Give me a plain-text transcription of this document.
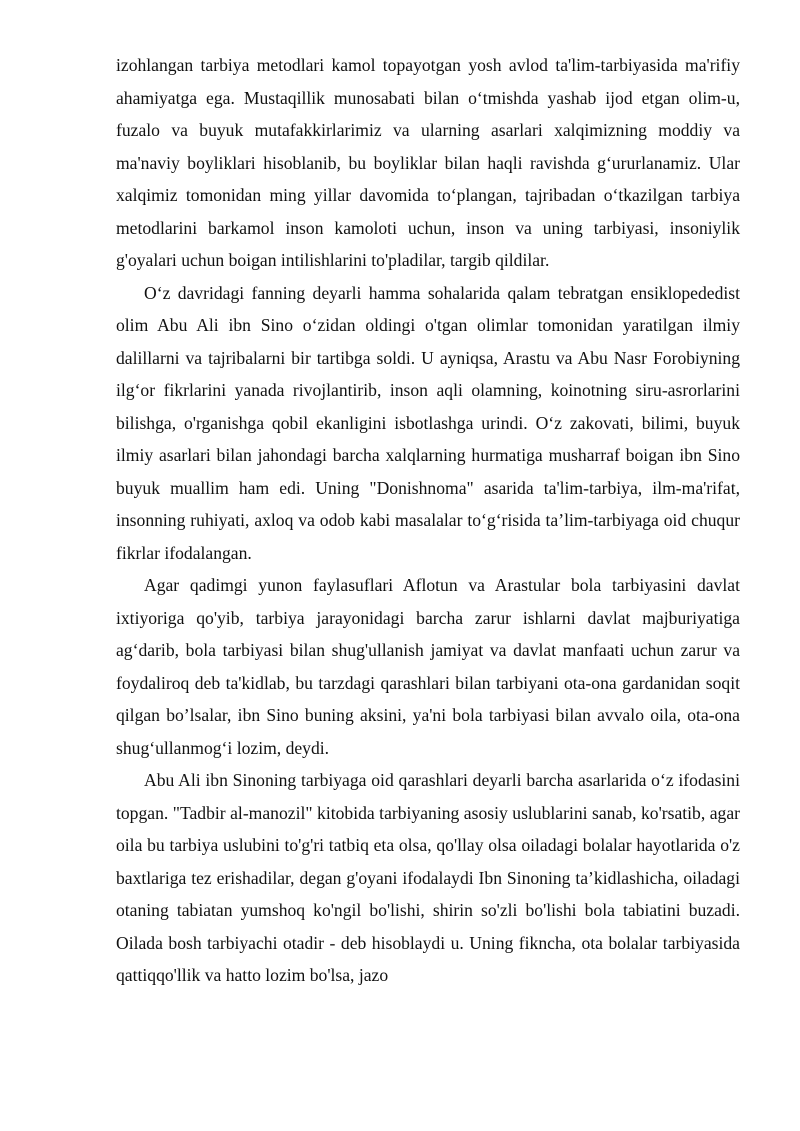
izohlangan tarbiya metodlari kamol topayotgan yosh avlod ta'lim-tarbiyasida ma'rifiy ahamiyatga ega. Mustaqillik munosabati bilan o‘tmishda yashab ijod etgan olim-u, fuzalo va buyuk mutafakkirlarimiz va ularning asarlari xalqimizning moddiy va ma'naviy boyliklari hisoblanib, bu boyliklar bilan haqli ravishda g‘ururlanamiz. Ular xalqimiz tomonidan ming yillar davomida to‘plangan, tajribadan o‘tkazilgan tarbiya metodlarini barkamol inson kamoloti uchun, inson va uning tarbiyasi, insoniylik g'oyalari uchun boigan intilishlarini to'pladilar, targib qildilar.

O‘z davridagi fanning deyarli hamma sohalarida qalam tebratgan ensiklopededist olim Abu Ali ibn Sino o‘zidan oldingi o'tgan olimlar tomonidan yaratilgan ilmiy dalillarni va tajribalarni bir tartibga soldi. U ayniqsa, Arastu va Abu Nasr Forobiyning ilg‘or fikrlarini yanada rivojlantirib, inson aqli olamning, koinotning siru-asrorlarini bilishga, o'rganishga qobil ekanligini isbotlashga urindi. O‘z zakovati, bilimi, buyuk ilmiy asarlari bilan jahondagi barcha xalqlarning hurmatiga musharraf boigan ibn Sino buyuk muallim ham edi. Uning "Donishnoma" asarida ta'lim-tarbiya, ilm-ma'rifat, insonning ruhiyati, axloq va odob kabi masalalar to‘g‘risida ta’lim-tarbiyaga oid chuqur fikrlar ifodalangan.

Agar qadimgi yunon faylasuflari Aflotun va Arastular bola tarbiyasini davlat ixtiyoriga qo'yib, tarbiya jarayonidagi barcha zarur ishlarni davlat majburiyatiga ag‘darib, bola tarbiyasi bilan shug'ullanish jamiyat va davlat manfaati uchun zarur va foydaliroq deb ta'kidlab, bu tarzdagi qarashlari bilan tarbiyani ota-ona gardanidan soqit qilgan bo’lsalar, ibn Sino buning aksini, ya'ni bola tarbiyasi bilan avvalo oila, ota-ona shug‘ullanmog‘i lozim, deydi.

Abu Ali ibn Sinoning tarbiyaga oid qarashlari deyarli barcha asarlarida o‘z ifodasini topgan. "Tadbir al-manozil" kitobida tarbiyaning asosiy uslublarini sanab, ko'rsatib, agar oila bu tarbiya uslubini to'g'ri tatbiq eta olsa, qo'llay olsa oiladagi bolalar hayotlarida o'z baxtlariga tez erishadilar, degan g'oyani ifodalaydi Ibn Sinoning ta’kidlashicha, oiladagi otaning tabiatan yumshoq ko'ngil bo'lishi, shirin so'zli bo'lishi bola tabiatini buzadi. Oilada bosh tarbiyachi otadir - deb hisoblaydi u. Uning fikncha, ota bolalar tarbiyasida qattiqqo'llik va hatto lozim bo'lsa, jazo
